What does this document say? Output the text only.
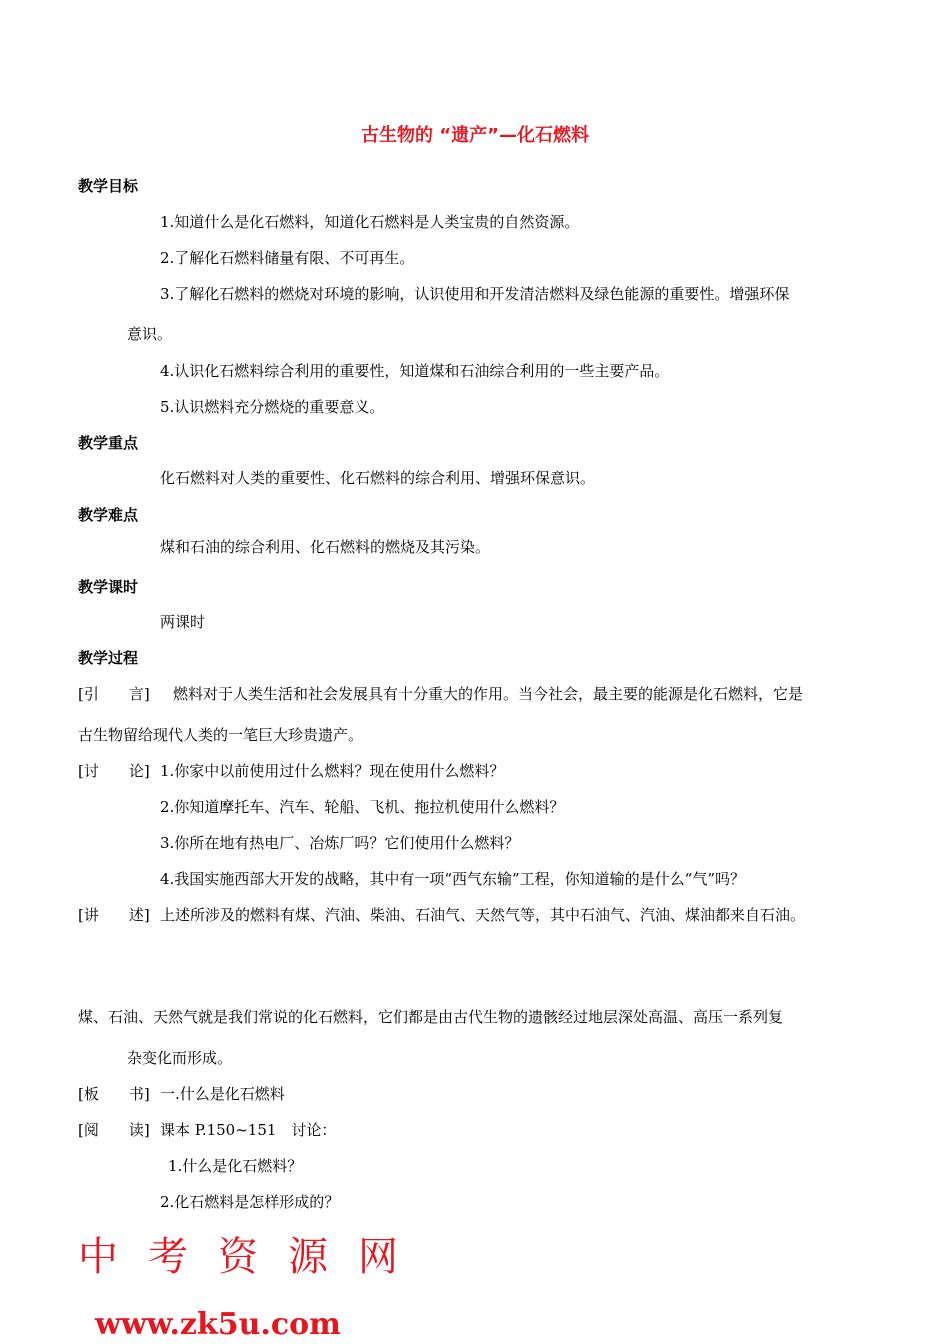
古生物的 “遗产”—化石燃料
教学目标
1.知道什么是化石燃料，知道化石燃料是人类宝贵的自然资源。
2.了解化石燃料储量有限、不可再生。
3.了解化石燃料的燃烧对环境的影响，认识使用和开发清洁燃料及绿色能源的重要性。增强环保
意识。
4.认识化石燃料综合利用的重要性，知道煤和石油综合利用的一些主要产品。
5.认识燃料充分燃烧的重要意义。
教学重点
化石燃料对人类的重要性、化石燃料的综合利用、增强环保意识。
教学难点
煤和石油的综合利用、化石燃料的燃烧及其污染。
教学课时
两课时
教学过程
[引　　言] 燃料对于人类生活和社会发展具有十分重大的作用。当今社会，最主要的能源是化石燃料，它是
古生物留给现代人类的一笔巨大珍贵遗产。
[讨　　论] 1.你家中以前使用过什么燃料？现在使用什么燃料？
2.你知道摩托车、汽车、轮船、飞机、拖拉机使用什么燃料？
3.你所在地有热电厂、冶炼厂吗？它们使用什么燃料？
4.我国实施西部大开发的战略，其中有一项“西气东输”工程，你知道输的是什么“气”吗？
[讲　　述] 上述所涉及的燃料有煤、汽油、柴油、石油气、天然气等，其中石油气、汽油、煤油都来自石油。
煤、石油、天然气就是我们常说的化石燃料，它们都是由古代生物的遗骸经过地层深处高温、高压一系列复
杂变化而形成。
[板　　书] 一.什么是化石燃料
[阅　　读] 课本 P.150~151　讨论：
1.什么是化石燃料？
2.化石燃料是怎样形成的？
中考资源网
www.zk5u.com
